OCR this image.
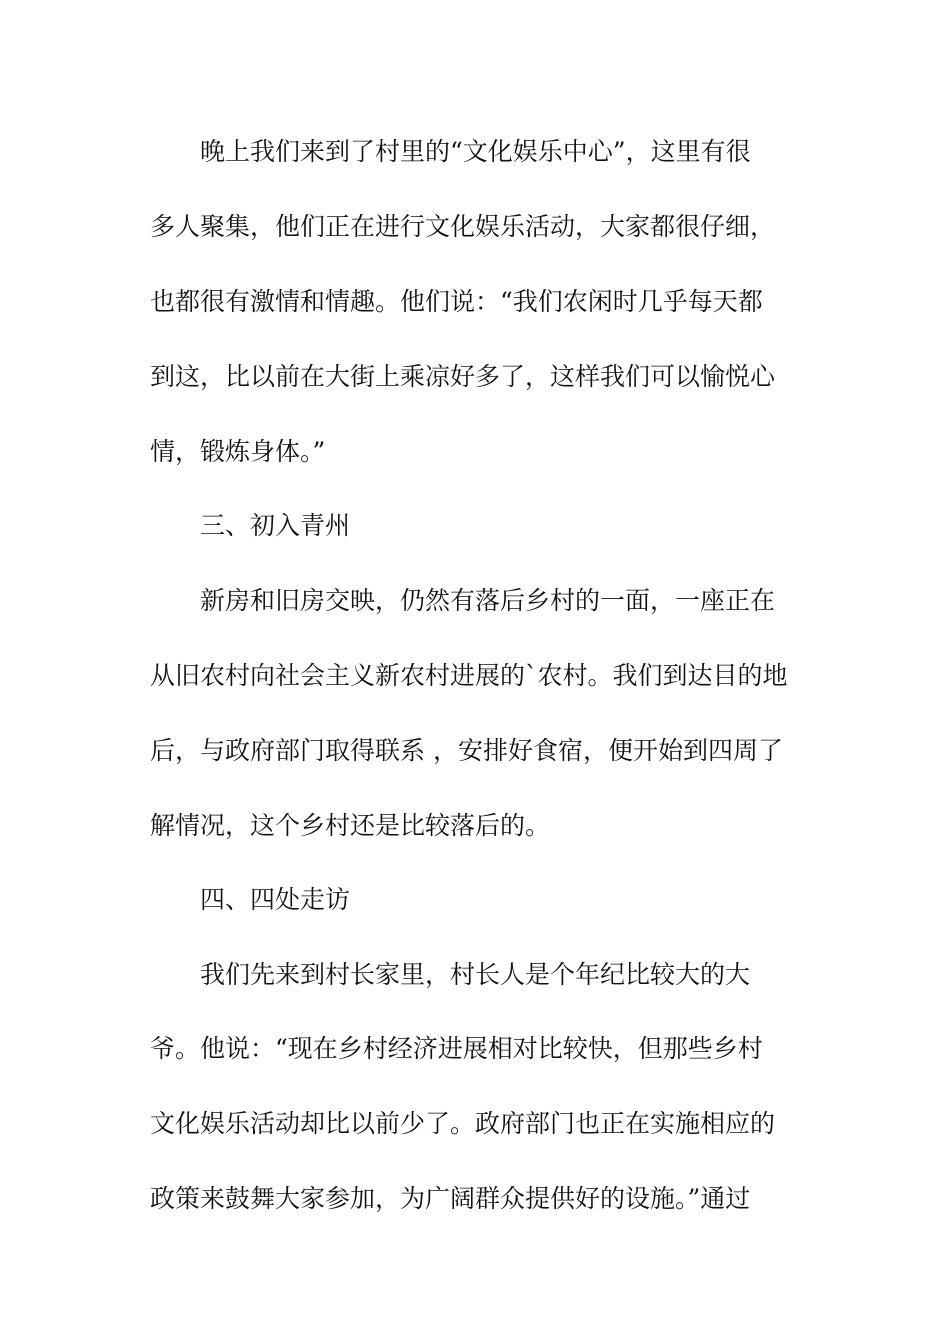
晚上我们来到了村里的“文化娱乐中心”，这里有很
多人聚集，他们正在进行文化娱乐活动，大家都很仔细，
也都很有激情和情趣。他们说：“我们农闲时几乎每天都
到这，比以前在大街上乘凉好多了，这样我们可以愉悦心
情，锻炼身体。”
三、初入青州
新房和旧房交映，仍然有落后乡村的一面，一座正在
从旧农村向社会主义新农村进展的`农村。我们到达目的地
后，与政府部门取得联系 ，安排好食宿，便开始到四周了
解情况，这个乡村还是比较落后的。
四、四处走访
我们先来到村长家里，村长人是个年纪比较大的大
爷。他说：“现在乡村经济进展相对比较快，但那些乡村
文化娱乐活动却比以前少了。政府部门也正在实施相应的
政策来鼓舞大家参加，为广阔群众提供好的设施。”通过
